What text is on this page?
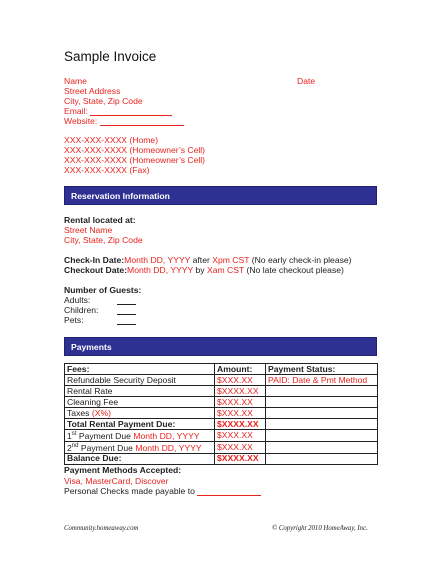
Sample Invoice
Name	Date
Street Address
City, State, Zip Code
Email:
Website:
XXX-XXX-XXXX (Home)
XXX-XXX-XXXX (Homeowner’s Cell)
XXX-XXX-XXXX (Homeowner’s Cell)
XXX-XXX-XXXX (Fax)
Reservation Information
Rental located at:
Street Name
City, State, Zip Code
Check-In Date:Month DD, YYYY after Xpm CST (No early check-in please)
Checkout Date:Month DD, YYYY by Xam CST (No late checkout please)
Number of Guests:
Adults:
Children:
Pets:
Payments
Fees:	Amount:	Payment Status:
Refundable Security Deposit	$XXX.XX	PAID: Date & Pmt Method
Rental Rate	$XXXX.XX	
Cleaning Fee	$XXX.XX	
Taxes (X%)	$XXX.XX	
Total Rental Payment Due:	$XXXX.XX	
1st Payment Due Month DD, YYYY	$XXX.XX	
2nd Payment Due Month DD, YYYY	$XXX.XX	
Balance Due:	$XXXX.XX	
Payment Methods Accepted:
Visa, MasterCard, Discover
Personal Checks made payable to
Community.homeaway.com	© Copyright 2010 HomeAway, Inc.
